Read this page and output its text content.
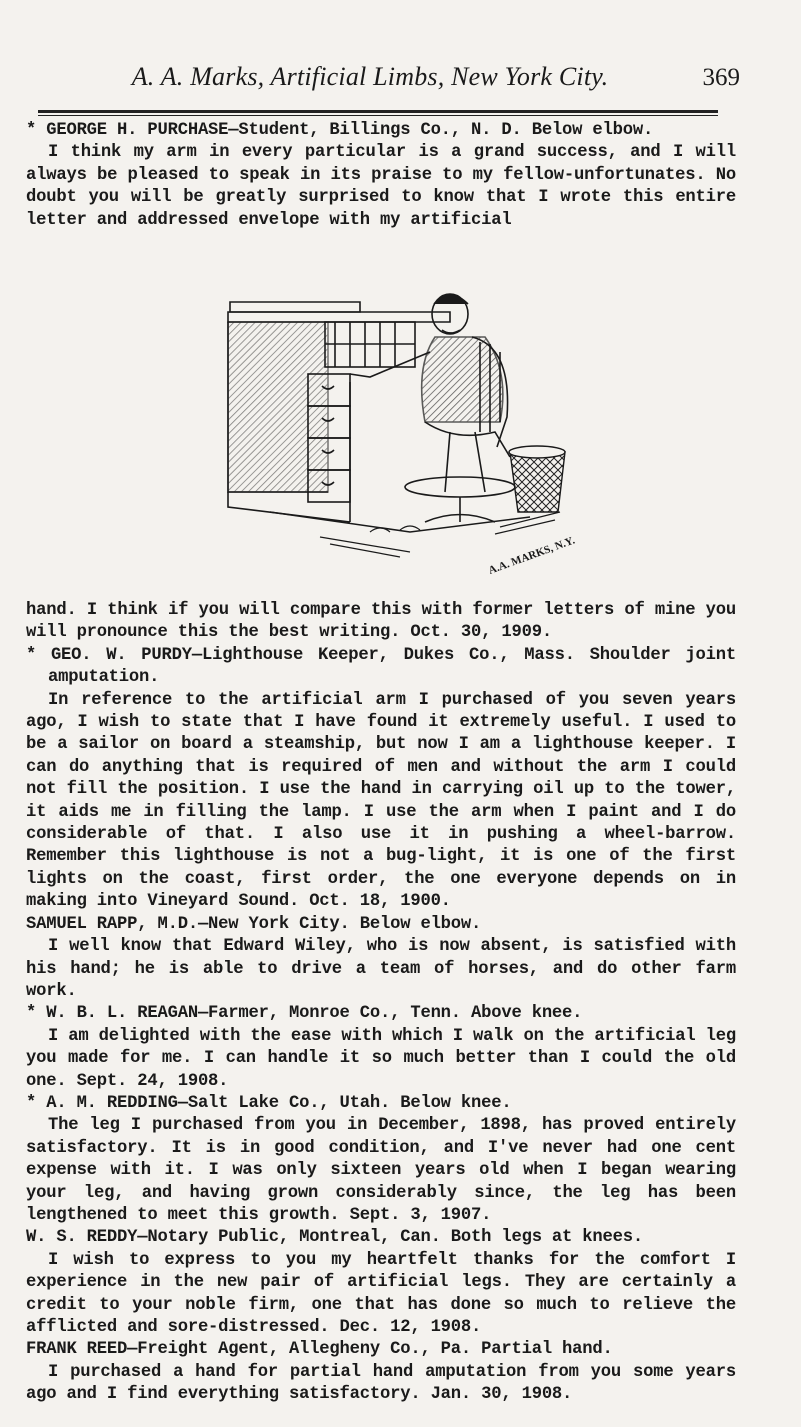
A. A. Marks, Artificial Limbs, New York City.	369

* GEORGE H. PURCHASE—Student, Billings Co., N. D. Below elbow.

I think my arm in every particular is a grand success, and I will always be pleased to speak in its praise to my fellow-unfortunates. No doubt you will be greatly surprised to know that I wrote this entire letter and addressed envelope with my artificial

A.A. MARKS, N.Y.

hand. I think if you will compare this with former letters of mine you will pronounce this the best writing. Oct. 30, 1909.

* GEO. W. PURDY—Lighthouse Keeper, Dukes Co., Mass. Shoulder joint amputation.

In reference to the artificial arm I purchased of you seven years ago, I wish to state that I have found it extremely useful. I used to be a sailor on board a steamship, but now I am a lighthouse keeper. I can do anything that is required of men and without the arm I could not fill the position. I use the hand in carrying oil up to the tower, it aids me in filling the lamp. I use the arm when I paint and I do considerable of that. I also use it in pushing a wheel-barrow. Remember this lighthouse is not a bug-light, it is one of the first lights on the coast, first order, the one everyone depends on in making into Vineyard Sound. Oct. 18, 1900.

SAMUEL RAPP, M.D.—New York City. Below elbow.

I well know that Edward Wiley, who is now absent, is satisfied with his hand; he is able to drive a team of horses, and do other farm work.

* W. B. L. REAGAN—Farmer, Monroe Co., Tenn. Above knee.

I am delighted with the ease with which I walk on the artificial leg you made for me. I can handle it so much better than I could the old one. Sept. 24, 1908.

* A. M. REDDING—Salt Lake Co., Utah. Below knee.

The leg I purchased from you in December, 1898, has proved entirely satisfactory. It is in good condition, and I've never had one cent expense with it. I was only sixteen years old when I began wearing your leg, and having grown considerably since, the leg has been lengthened to meet this growth. Sept. 3, 1907.

W. S. REDDY—Notary Public, Montreal, Can. Both legs at knees.

I wish to express to you my heartfelt thanks for the comfort I experience in the new pair of artificial legs. They are certainly a credit to your noble firm, one that has done so much to relieve the afflicted and sore-distressed. Dec. 12, 1908.

FRANK REED—Freight Agent, Allegheny Co., Pa. Partial hand.

I purchased a hand for partial hand amputation from you some years ago and I find everything satisfactory. Jan. 30, 1908.
